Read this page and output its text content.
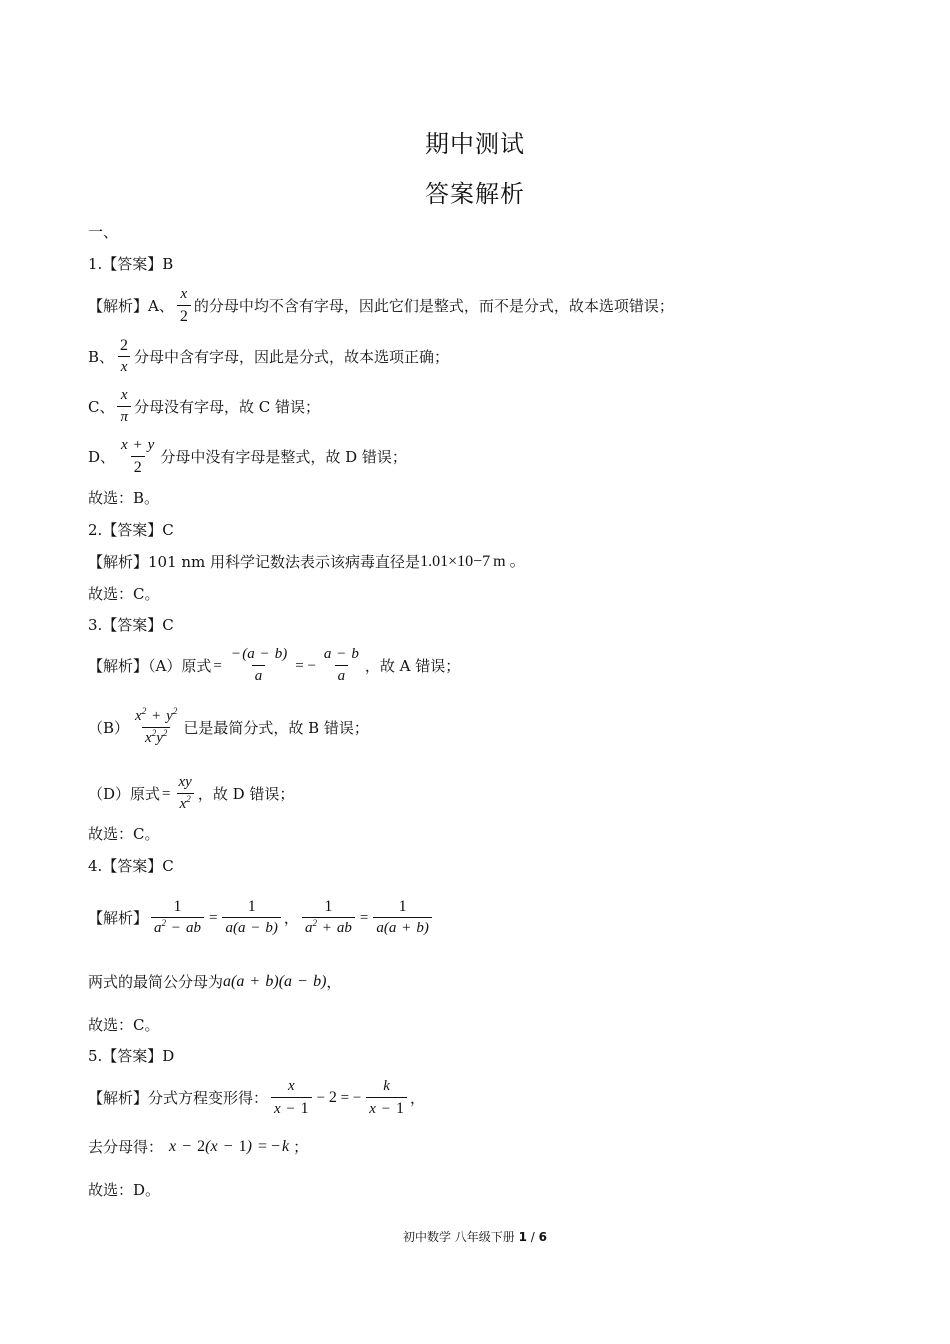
期中测试
答案解析
一、
1.【答案】B
【解析】A、 $\frac{x}{2}$ 的分母中均不含有字母，因此它们是整式，而不是分式，故本选项错误；
B、 $\frac{2}{x}$ 分母中含有字母，因此是分式，故本选项正确；
C、 $\frac{x}{\pi}$ 分母没有字母，故 C 错误；
D、 $\frac{x + y}{2}$ 分母中没有字母是整式，故 D 错误；
故选：B。
2.【答案】C
【解析】101 nm 用科学记数法表示该病毒直径是 1.01×10 −7 m 。
故选：C。
3.【答案】C
【解析】（A）原式 = $\frac{- (a - b)}{a}$ = − $\frac{a - b}{a}$ ，故 A 错误；
$(B) \frac{x^2 + y^2}{x^2y^2}$ 已是最简分式，故 B 错误；
（D）原式 = $\frac{xy}{x^2}$ ，故 D 错误；
故选：C。
4.【答案】C
【解析】 $\frac{1}{a^2 - ab} = \frac{1}{a(a - b)}$ ， $\frac{1}{a^2 + ab} = \frac{1}{a(a + b)}$
两式的最简公分母为 a(a + b)(a − b) ，
故选：C。
5.【答案】D
【解析】分式方程变形得： $\frac{x}{x - 1} - 2$ = − $\frac{k}{x - 1}$ ，
去分母得： x − 2(x − 1) = − k ；
故选：D。
初中数学 八年级下册 1 / 6
